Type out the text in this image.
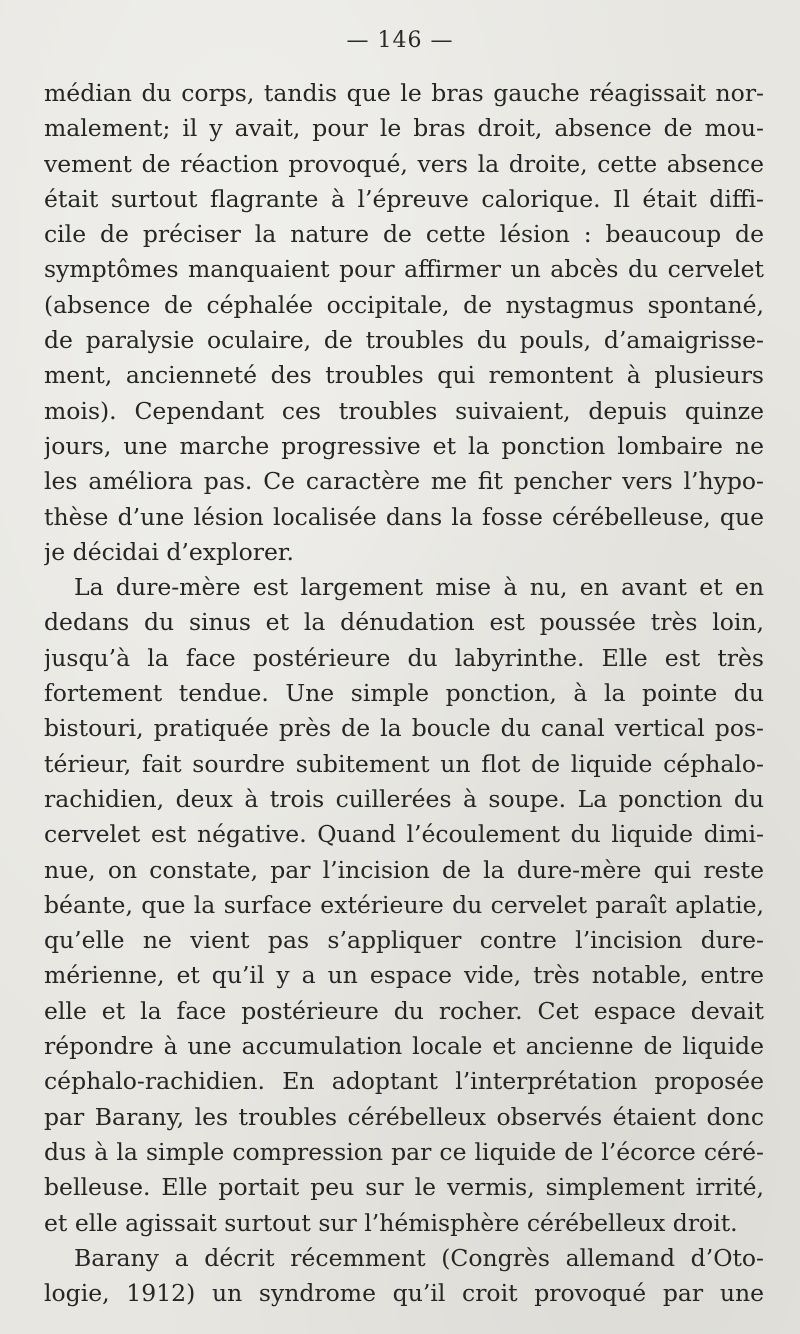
— 146 —
médian du corps, tandis que le bras gauche réagissait nor-
malement; il y avait, pour le bras droit, absence de mou-
vement de réaction provoqué, vers la droite, cette absence
était surtout flagrante à l’épreuve calorique. Il était diffi-
cile de préciser la nature de cette lésion : beaucoup de
symptômes manquaient pour affirmer un abcès du cervelet
(absence de céphalée occipitale, de nystagmus spontané,
de paralysie oculaire, de troubles du pouls, d’amaigrisse-
ment, ancienneté des troubles qui remontent à plusieurs
mois). Cependant ces troubles suivaient, depuis quinze
jours, une marche progressive et la ponction lombaire ne
les améliora pas. Ce caractère me fit pencher vers l’hypo-
thèse d’une lésion localisée dans la fosse cérébelleuse, que
je décidai d’explorer.
La dure-mère est largement mise à nu, en avant et en
dedans du sinus et la dénudation est poussée très loin,
jusqu’à la face postérieure du labyrinthe. Elle est très
fortement tendue. Une simple ponction, à la pointe du
bistouri, pratiquée près de la boucle du canal vertical pos-
térieur, fait sourdre subitement un flot de liquide céphalo-
rachidien, deux à trois cuillerées à soupe. La ponction du
cervelet est négative. Quand l’écoulement du liquide dimi-
nue, on constate, par l’incision de la dure-mère qui reste
béante, que la surface extérieure du cervelet paraît aplatie,
qu’elle ne vient pas s’appliquer contre l’incision dure-
mérienne, et qu’il y a un espace vide, très notable, entre
elle et la face postérieure du rocher. Cet espace devait
répondre à une accumulation locale et ancienne de liquide
céphalo-rachidien. En adoptant l’interprétation proposée
par Barany, les troubles cérébelleux observés étaient donc
dus à la simple compression par ce liquide de l’écorce céré-
belleuse. Elle portait peu sur le vermis, simplement irrité,
et elle agissait surtout sur l’hémisphère cérébelleux droit.
Barany a décrit récemment (Congrès allemand d’Oto-
logie, 1912) un syndrome qu’il croit provoqué par une
